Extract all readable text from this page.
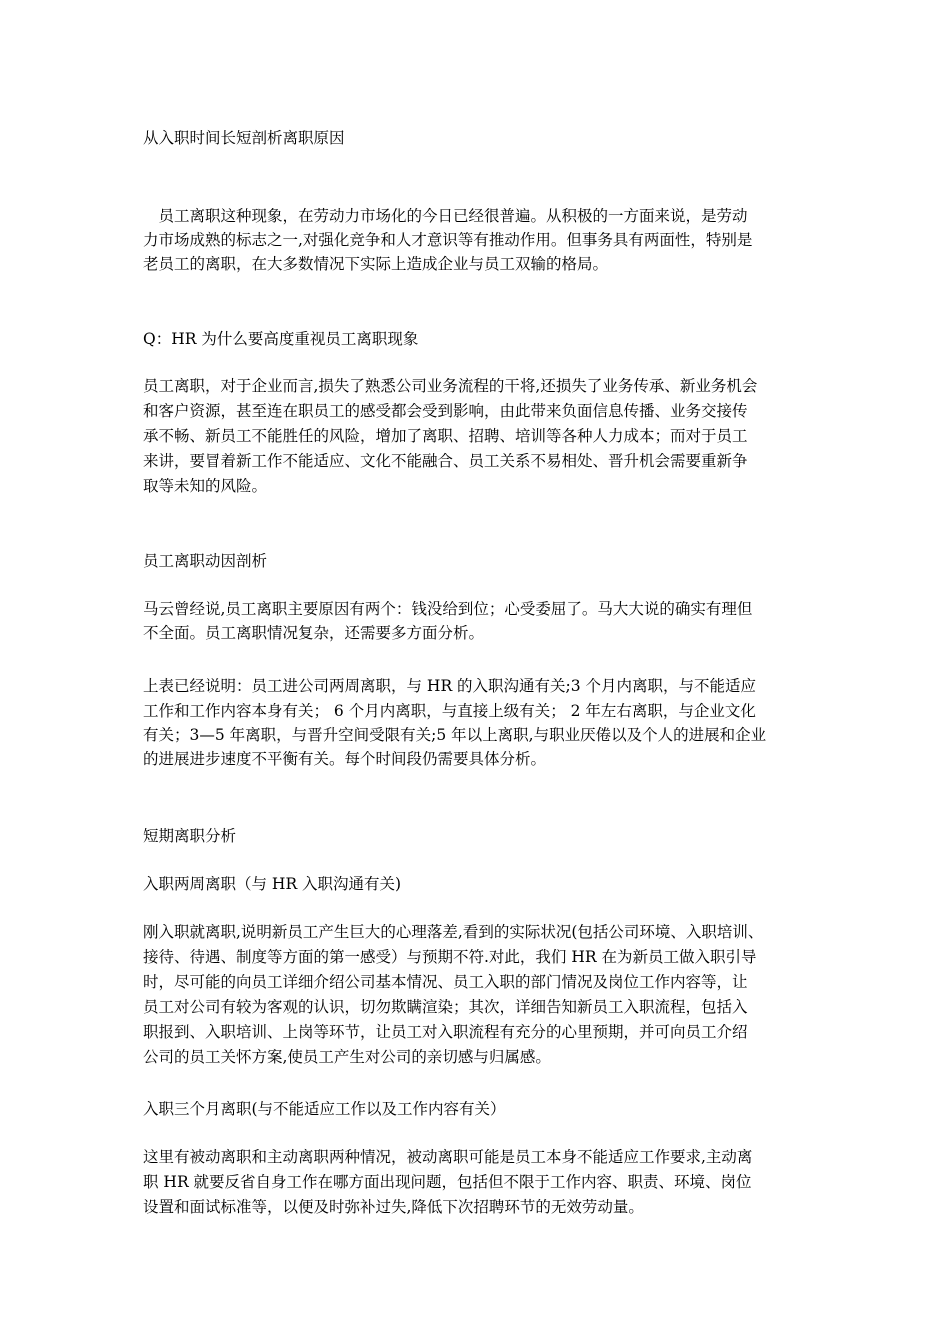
从入职时间长短剖析离职原因
　员工离职这种现象，在劳动力市场化的今日已经很普遍。从积极的一方面来说，是劳动
力市场成熟的标志之一,对强化竞争和人才意识等有推动作用。但事务具有两面性，特别是
老员工的离职，在大多数情况下实际上造成企业与员工双输的格局。
Q：HR 为什么要高度重视员工离职现象
员工离职，对于企业而言,损失了熟悉公司业务流程的干将,还损失了业务传承、新业务机会
和客户资源，甚至连在职员工的感受都会受到影响，由此带来负面信息传播、业务交接传
承不畅、新员工不能胜任的风险，增加了离职、招聘、培训等各种人力成本；而对于员工
来讲，要冒着新工作不能适应、文化不能融合、员工关系不易相处、晋升机会需要重新争
取等未知的风险。
员工离职动因剖析
马云曾经说,员工离职主要原因有两个：钱没给到位；心受委屈了。马大大说的确实有理但
不全面。员工离职情况复杂，还需要多方面分析。
上表已经说明：员工进公司两周离职，与 HR 的入职沟通有关;3 个月内离职，与不能适应
工作和工作内容本身有关； 6 个月内离职，与直接上级有关； 2 年左右离职，与企业文化
有关；3—5 年离职，与晋升空间受限有关;5 年以上离职,与职业厌倦以及个人的进展和企业
的进展进步速度不平衡有关。每个时间段仍需要具体分析。
短期离职分析
入职两周离职（与 HR 入职沟通有关)
刚入职就离职,说明新员工产生巨大的心理落差,看到的实际状况(包括公司环境、入职培训、
接待、待遇、制度等方面的第一感受）与预期不符.对此，我们 HR 在为新员工做入职引导
时，尽可能的向员工详细介绍公司基本情况、员工入职的部门情况及岗位工作内容等，让
员工对公司有较为客观的认识，切勿欺瞒渲染；其次，详细告知新员工入职流程，包括入
职报到、入职培训、上岗等环节，让员工对入职流程有充分的心里预期，并可向员工介绍
公司的员工关怀方案,使员工产生对公司的亲切感与归属感。
入职三个月离职(与不能适应工作以及工作内容有关）
这里有被动离职和主动离职两种情况，被动离职可能是员工本身不能适应工作要求,主动离
职 HR 就要反省自身工作在哪方面出现问题，包括但不限于工作内容、职责、环境、岗位
设置和面试标准等，以便及时弥补过失,降低下次招聘环节的无效劳动量。
